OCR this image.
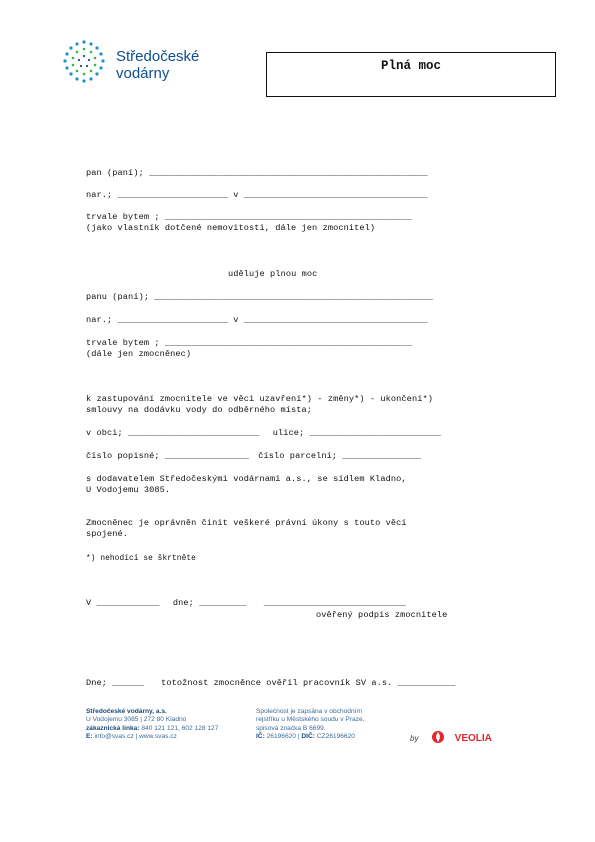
Středočeské
vodárny	Plná moc
pan (paní); _____________________________________________________
nar.; _____________________ v ___________________________________
trvale bytem ; _______________________________________________
(jako vlastník dotčené nemovitosti, dále jen zmocnitel)
uděluje plnou moc
panu (paní); _____________________________________________________
nar.; _____________________ v ___________________________________
trvale bytem ; _______________________________________________
(dále jen zmocněnec)
k zastupování zmocnitele ve věci uzavření*) - změny*) - ukončení*)
smlouvy na dodávku vody do odběrného místa;
v obci; _________________________ ulice; _________________________
číslo popisné; ________________ číslo parcelní; _______________
s dodavatelem Středočeskými vodárnami a.s., se sídlem Kladno,
U Vodojemu 3085.
Zmocněnec je oprávněn činit veškeré právní úkony s touto věcí
spojené.
*) nehodící se škrtněte
V ____________ dne; _________ ___________________________
ověřený podpis zmocnitele
Dne; ______ totožnost zmocněnce ověřil pracovník SV a.s. ___________
Středočeské vodárny, a.s.
U Vodojemu 3085 | 272 80 Kladno
zákaznická linka: 840 121 121, 602 128 127
E: info@svas.cz | www.svas.cz
Společnost je zapsána v obchodním
rejstříku u Městského soudu v Praze,
spisová značka B 6699.
IČ: 26196620 | DIČ: CZ26196620	by	VEOLIA
